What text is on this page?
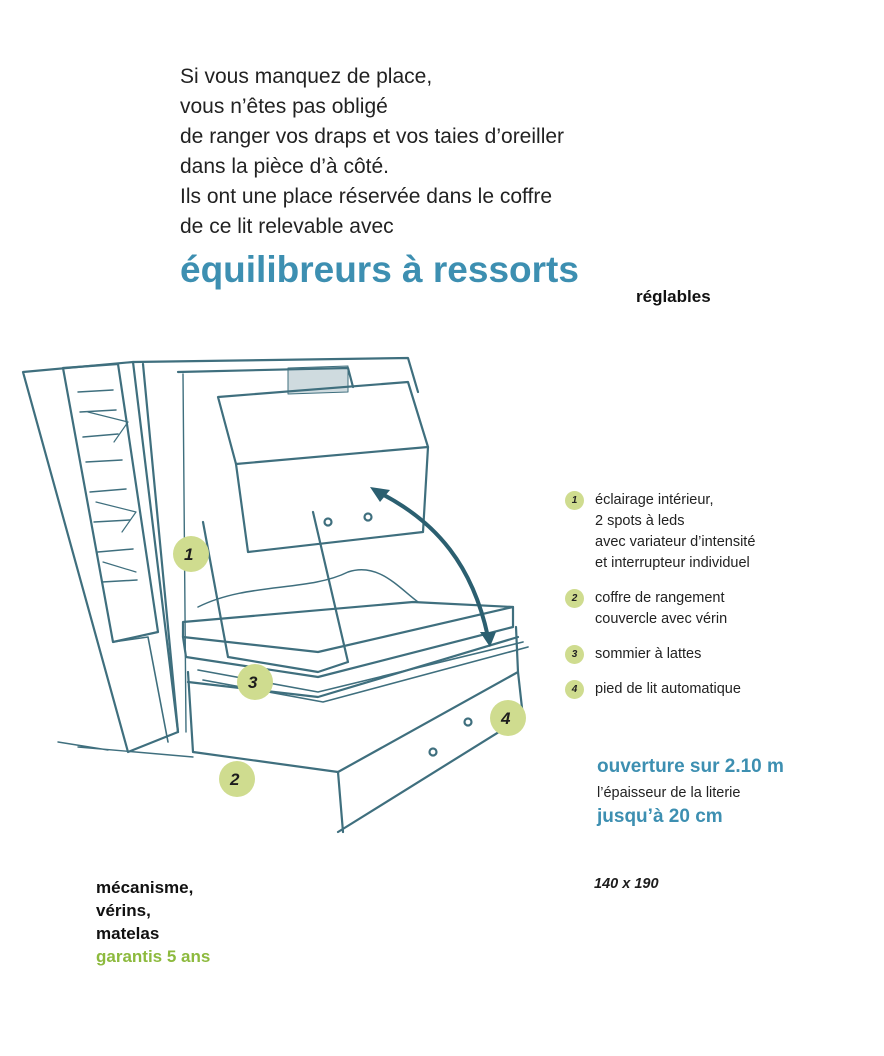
Si vous manquez de place,

vous n’êtes pas obligé

de ranger vos draps et vos taies d’oreiller

dans la pièce d’à côté.

Ils ont une place réservée dans le coffre

de ce lit relevable avec

équilibreurs à ressorts
réglables
1
2
3
4
1	éclairage intérieur,
2 spots à leds
avec variateur d’intensité
et interrupteur individuel
2	coffre de rangement
couvercle avec vérin
3	sommier à lattes
4	pied de lit automatique
ouverture sur 2.10 m
l’épaisseur de la literie
jusqu’à 20 cm
140 x 190
mécanisme,
vérins,
matelas
garantis 5 ans
